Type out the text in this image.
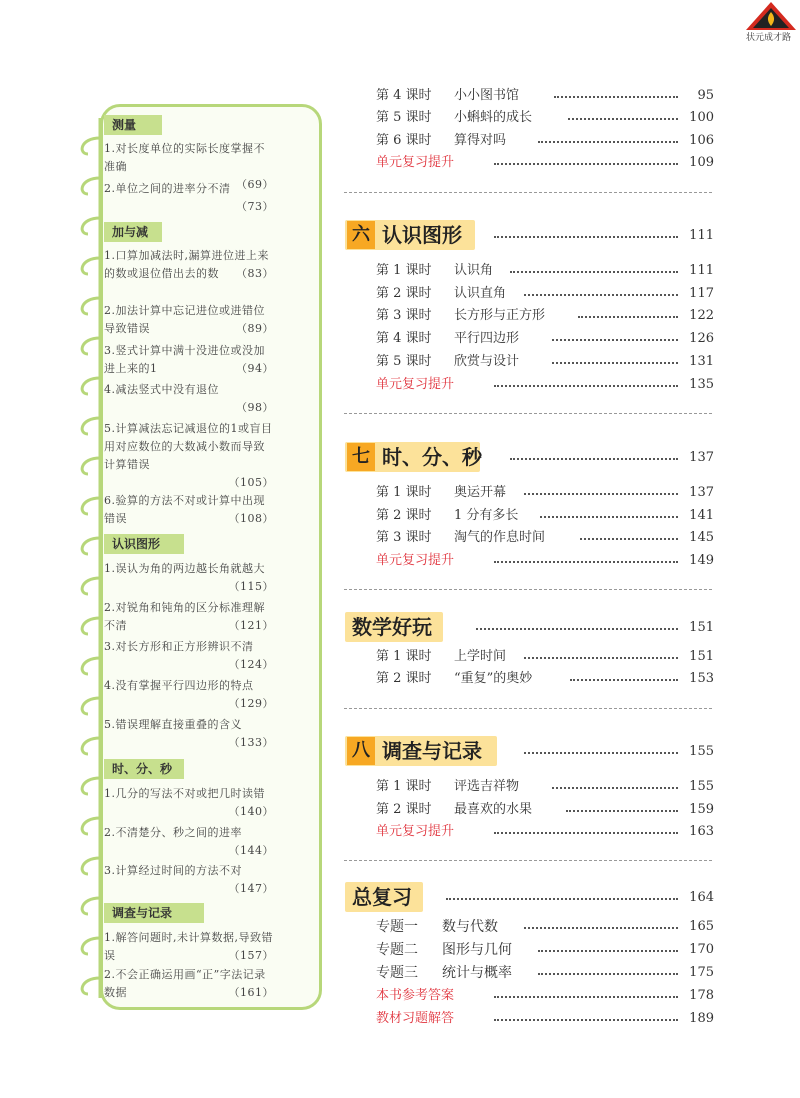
状元成才路
测量
1.对长度单位的实际长度掌握不准确
（69）
2.单位之间的进率分不清
（73）
加与减
1.口算加减法时,漏算进位进上来的数或退位借出去的数 （83）
2.加法计算中忘记进位或进错位导致错误	（89）
3.竖式计算中满十没进位或没加进上来的1	（94）
4.减法竖式中没有退位
（98）
5.计算减法忘记减退位的1或盲目用对应数位的大数减小数而导致计算错误
（105）
6.验算的方法不对或计算中出现错误	（108）
认识图形
1.误认为角的两边越长角就越大
（115）
2.对锐角和钝角的区分标准理解不清	（121）
3.对长方形和正方形辨识不清
（124）
4.没有掌握平行四边形的特点
（129）
5.错误理解直接重叠的含义
（133）
时、分、秒
1.几分的写法不对或把几时读错
（140）
2.不清楚分、秒之间的进率
（144）
3.计算经过时间的方法不对
（147）
调查与记录
1.解答问题时,未计算数据,导致错误	（157）
2.不会正确运用画“正”字法记录数据	（161）
第 4 课时 小小图书馆	95
第 5 课时 小蝌蚪的成长	100
第 6 课时 算得对吗	106
单元复习提升	109
六 认识图形	111
第 1 课时 认识角	111
第 2 课时 认识直角	117
第 3 课时 长方形与正方形	122
第 4 课时 平行四边形	126
第 5 课时 欣赏与设计	131
单元复习提升	135
七 时、分、秒	137
第 1 课时 奥运开幕	137
第 2 课时 1 分有多长	141
第 3 课时 淘气的作息时间	145
单元复习提升	149
数学好玩	151
第 1 课时 上学时间	151
第 2 课时 “重复”的奥妙	153
八 调查与记录	155
第 1 课时 评选吉祥物	155
第 2 课时 最喜欢的水果	159
单元复习提升	163
总复习	164
专题一 数与代数	165
专题二 图形与几何	170
专题三 统计与概率	175
本书参考答案	178
教材习题解答	189
